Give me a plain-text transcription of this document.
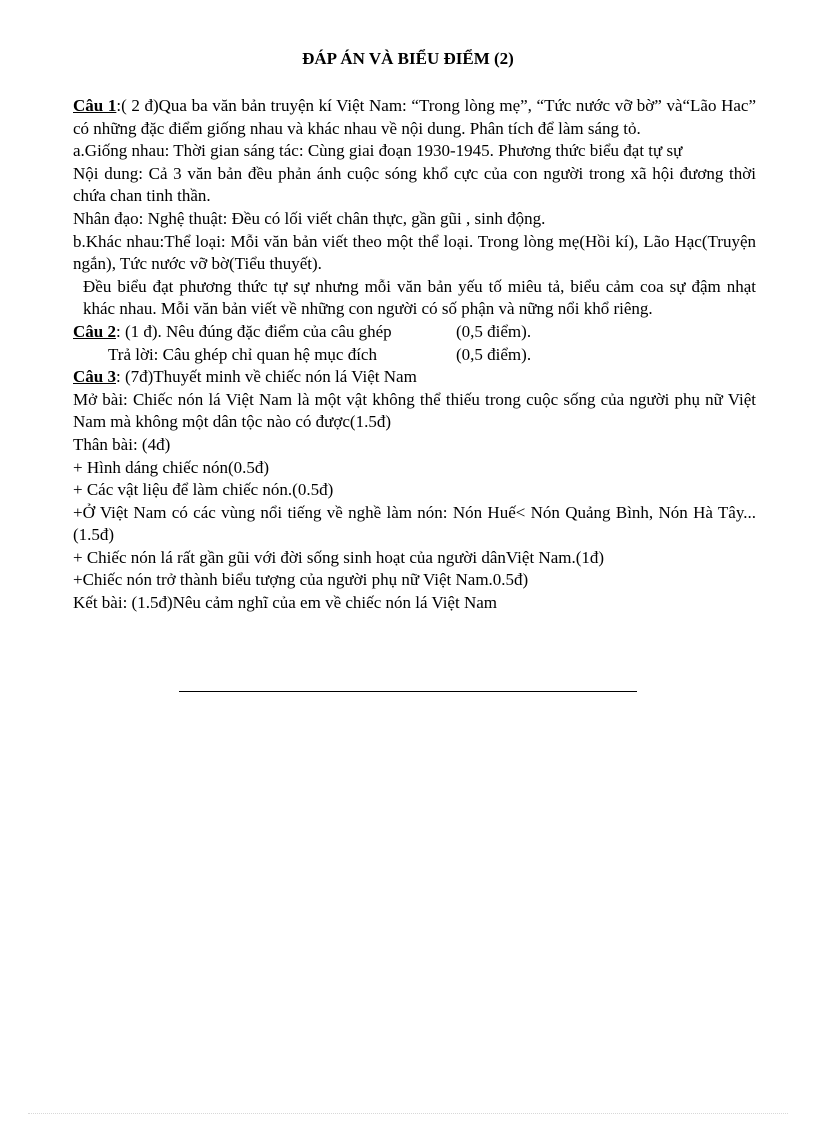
ĐÁP ÁN VÀ BIỂU ĐIỂM (2)

Câu 1:( 2 đ)Qua ba văn bản truyện kí Việt Nam: “Trong lòng mẹ”, “Tức nước vỡ bờ” và“Lão Hac” có những đặc điểm giống nhau và khác nhau về nội dung. Phân tích để làm sáng tỏ.

a.Giống nhau: Thời gian sáng tác: Cùng giai đoạn 1930-1945. Phương thức biểu đạt tự sự

Nội dung: Cả 3 văn bản đều phản ánh cuộc sóng khổ cực của con người trong xã hội đương thời chứa chan tinh thần.

Nhân đạo: Nghệ thuật: Đều có lối viết chân thực, gần gũi , sinh động.

b.Khác nhau:Thể loại: Mỗi văn bản viết theo một thể loại. Trong lòng mẹ(Hồi kí), Lão Hạc(Truyện ngắn), Tức nước vỡ bờ(Tiểu thuyết).

Đều biểu đạt phương thức tự sự nhưng mỗi văn bản yếu tố miêu tả, biểu cảm coa sự đậm nhạt khác nhau. Mỗi văn bản viết về những con người có số phận và nững nổi khổ riêng.

Câu 2: (1 đ). Nêu đúng đặc điểm của câu ghép	(0,5 điểm).
Trả lời: Câu ghép chỉ quan hệ mục đích	(0,5 điểm).

Câu 3: (7đ)Thuyết minh về chiếc nón lá Việt Nam

Mở bài: Chiếc nón lá Việt Nam là một vật không thể thiếu trong cuộc sống của người phụ nữ Việt Nam mà không một dân tộc nào có được(1.5đ)

Thân bài: (4đ)

+ Hình dáng chiếc nón(0.5đ)

+ Các vật liệu để làm chiếc nón.(0.5đ)

+Ở Việt Nam có các vùng nổi tiếng về nghề làm nón: Nón Huế< Nón Quảng Bình, Nón Hà Tây...(1.5đ)

+ Chiếc nón lá rất gần gũi với đời sống sinh hoạt của người dânViệt Nam.(1đ)

+Chiếc nón trở thành biểu tượng của người phụ nữ Việt Nam.0.5đ)

Kết bài: (1.5đ)Nêu cảm nghĩ của em về chiếc nón lá Việt Nam
